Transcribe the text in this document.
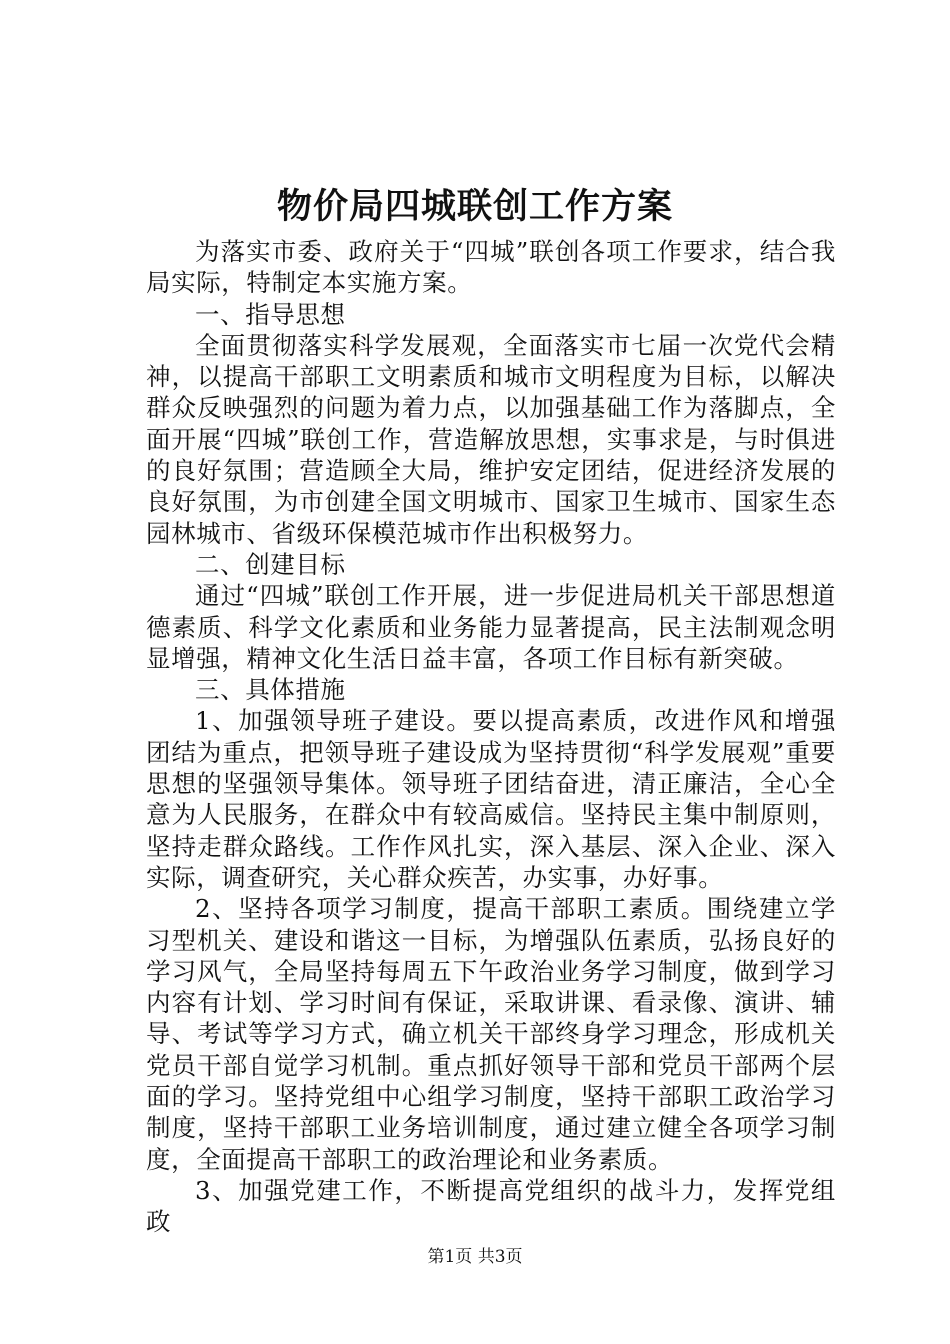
物价局四城联创工作方案

为落实市委、政府关于“四城”联创各项工作要求，结合我局实际，特制定本实施方案。

一、指导思想

全面贯彻落实科学发展观，全面落实市七届一次党代会精神，以提高干部职工文明素质和城市文明程度为目标，以解决群众反映强烈的问题为着力点，以加强基础工作为落脚点，全面开展“四城”联创工作，营造解放思想，实事求是，与时俱进的良好氛围；营造顾全大局，维护安定团结，促进经济发展的良好氛围，为市创建全国文明城市、国家卫生城市、国家生态园林城市、省级环保模范城市作出积极努力。

二、创建目标

通过“四城”联创工作开展，进一步促进局机关干部思想道德素质、科学文化素质和业务能力显著提高，民主法制观念明显增强，精神文化生活日益丰富，各项工作目标有新突破。

三、具体措施

1、加强领导班子建设。要以提高素质，改进作风和增强团结为重点，把领导班子建设成为坚持贯彻“科学发展观”重要思想的坚强领导集体。领导班子团结奋进，清正廉洁，全心全意为人民服务，在群众中有较高威信。坚持民主集中制原则，坚持走群众路线。工作作风扎实，深入基层、深入企业、深入实际，调查研究，关心群众疾苦，办实事，办好事。

2、坚持各项学习制度，提高干部职工素质。围绕建立学习型机关、建设和谐这一目标，为增强队伍素质，弘扬良好的学习风气，全局坚持每周五下午政治业务学习制度，做到学习内容有计划、学习时间有保证，采取讲课、看录像、演讲、辅导、考试等学习方式，确立机关干部终身学习理念，形成机关党员干部自觉学习机制。重点抓好领导干部和党员干部两个层面的学习。坚持党组中心组学习制度，坚持干部职工政治学习制度，坚持干部职工业务培训制度，通过建立健全各项学习制度，全面提高干部职工的政治理论和业务素质。

3、加强党建工作，不断提高党组织的战斗力，发挥党组政

第1页 共3页
